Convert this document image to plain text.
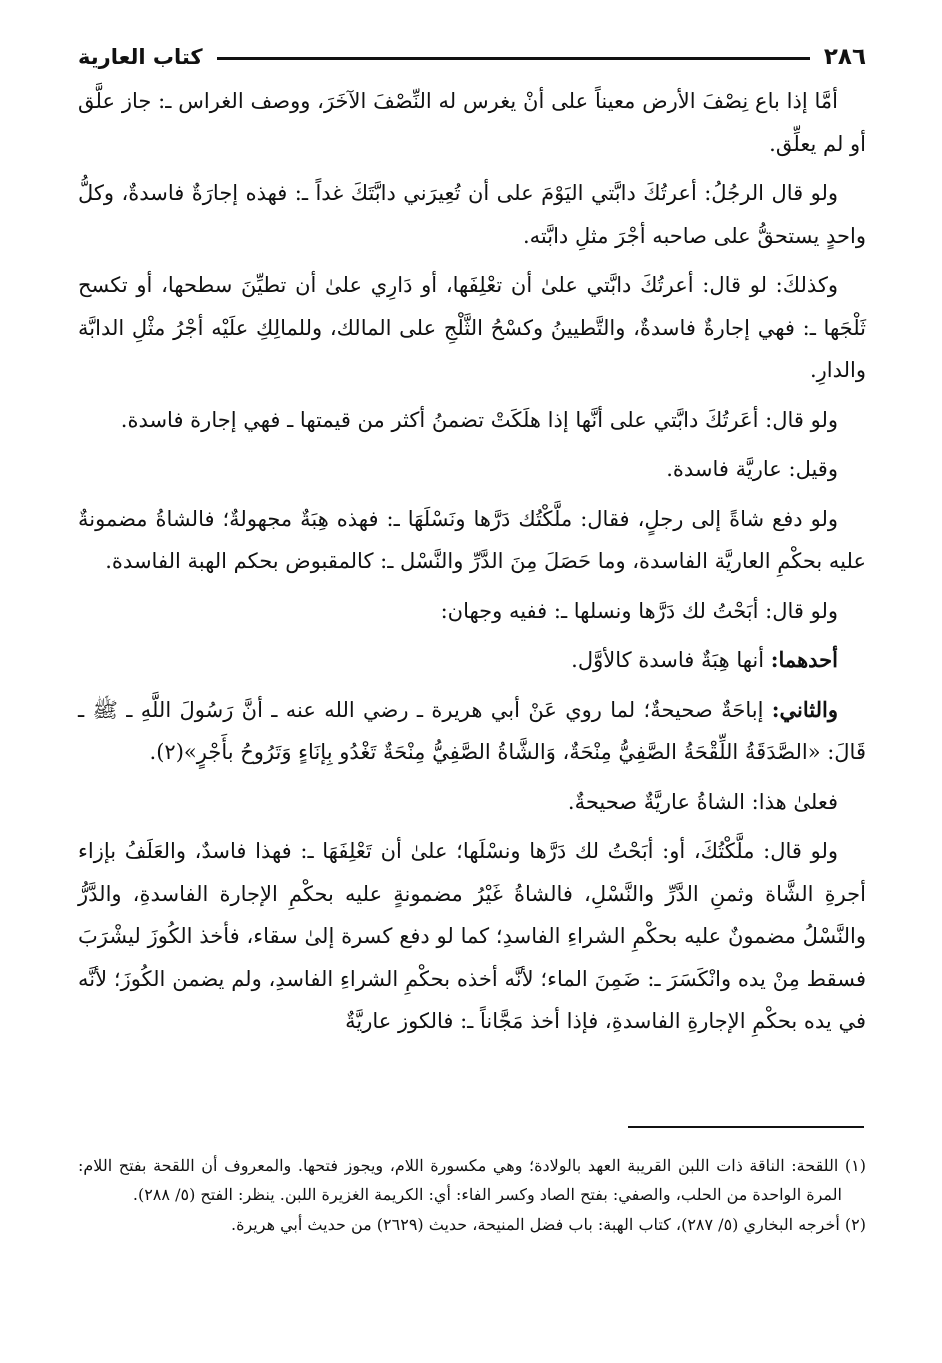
٢٨٦
كتاب العارية

أمَّا إذا باع نِصْفَ الأرض معيناً على أنْ يغرس له النِّصْفَ الآخَرَ، ووصف الغراس ـ: جاز علَّق أو لم يعلِّق.

ولو قال الرجُلُ: أعرتُكَ دابَّتي اليَوْمَ على أن تُعِيرَني دابَّتَكَ غداً ـ: فهذه إجارَةٌ فاسدةٌ، وكلُّ واحدٍ يستحقُّ على صاحبه أجْرَ مثلِ دابَّته.

وكذلكَ: لو قال: أعرتُكَ دابَّتي علىٰ أن تعْلِفَها، أو دَارِي علىٰ أن تطيِّنَ سطحها، أو تكسح ثَلْجَها ـ: فهي إجارةٌ فاسدةٌ، والتَّطيينُ وكسْحُ الثَّلْجِ على المالك، وللمالِكِ علَيْه أجْرُ مثْلِ الدابَّة والدارِ.

ولو قال: أعَرتُكَ دابَّتي على أنَّها إذا هلَكَتْ تضمنُ أكثر من قيمتها ـ فهي إجارة فاسدة.

وقيل: عاريَّة فاسدة.

ولو دفع شاةً إلى رجلٍ، فقال: ملَّكْتُك دَرَّها ونَسْلَهَا ـ: فهذه هِبَةٌ مجهولةٌ؛ فالشاةُ مضمونةٌ عليه بحكْمِ العاريَّة الفاسدة، وما حَصَلَ مِنَ الدَّرِّ والنَّسْل ـ: كالمقبوض بحكم الهبة الفاسدة.

ولو قال: أبَحْتُ لك دَرَّها ونسلها ـ: ففيه وجهان:

أحدهما: أنها هِبَةٌ فاسدة كالأوَّل.

والثاني: إباحَةٌ صحيحةٌ؛ لما روي عَنْ أبي هريرة ـ رضي الله عنه ـ أنَّ رَسُولَ اللَّهِ ـ ﷺ ـ قَالَ: «الصَّدَقَةُ اللِّقْحَةُ الصَّفِيُّ مِنْحَةٌ، وَالشَّاةُ الصَّفِيُّ مِنْحَةٌ تَغْدُو بِإنَاءٍ وَتَرُوحُ بأَجْرٍ»(٢).

فعلىٰ هذا: الشاةُ عاريَّةٌ صحيحةٌ.

ولو قال: ملَّكْتُكَ، أو: أبَحْتُ لك دَرَّها ونسْلَها؛ علىٰ أن تَعْلِفَهَا ـ: فهذا فاسدٌ، والعَلَفُ بإزاء أجرةِ الشَّاة وثمنِ الدَّرِّ والنَّسْلِ، فالشاةُ غَيْرُ مضمونةٍ عليه بحكْمِ الإجارة الفاسدةِ، والدَّرُّ والنَّسْلُ مضمونٌ عليه بحكْمِ الشراءِ الفاسدِ؛ كما لو دفع كسرة إلىٰ سقاء، فأخذ الكُوزَ ليشْرَبَ فسقط مِنْ يده وانْكَسَرَ ـ: ضَمِنَ الماء؛ لأنَّه أخذه بحكْمِ الشراءِ الفاسدِ، ولم يضمن الكُوزَ؛ لأنَّه في يده بحكْمِ الإجارةِ الفاسدةِ، فإذا أخذ مَجَّاناً ـ: فالكوز عاريَّةٌ

(١) اللقحة: الناقة ذات اللبن القريبة العهد بالولادة؛ وهي مكسورة اللام، ويجوز فتحها. والمعروف أن اللقحة بفتح اللام: المرة الواحدة من الحلب، والصفي: بفتح الصاد وكسر الفاء: أي: الكريمة الغزيرة اللبن. ينظر: الفتح (٥/ ٢٨٨).

(٢) أخرجه البخاري (٥/ ٢٨٧)، كتاب الهبة: باب فضل المنيحة، حديث (٢٦٢٩) من حديث أبي هريرة.
